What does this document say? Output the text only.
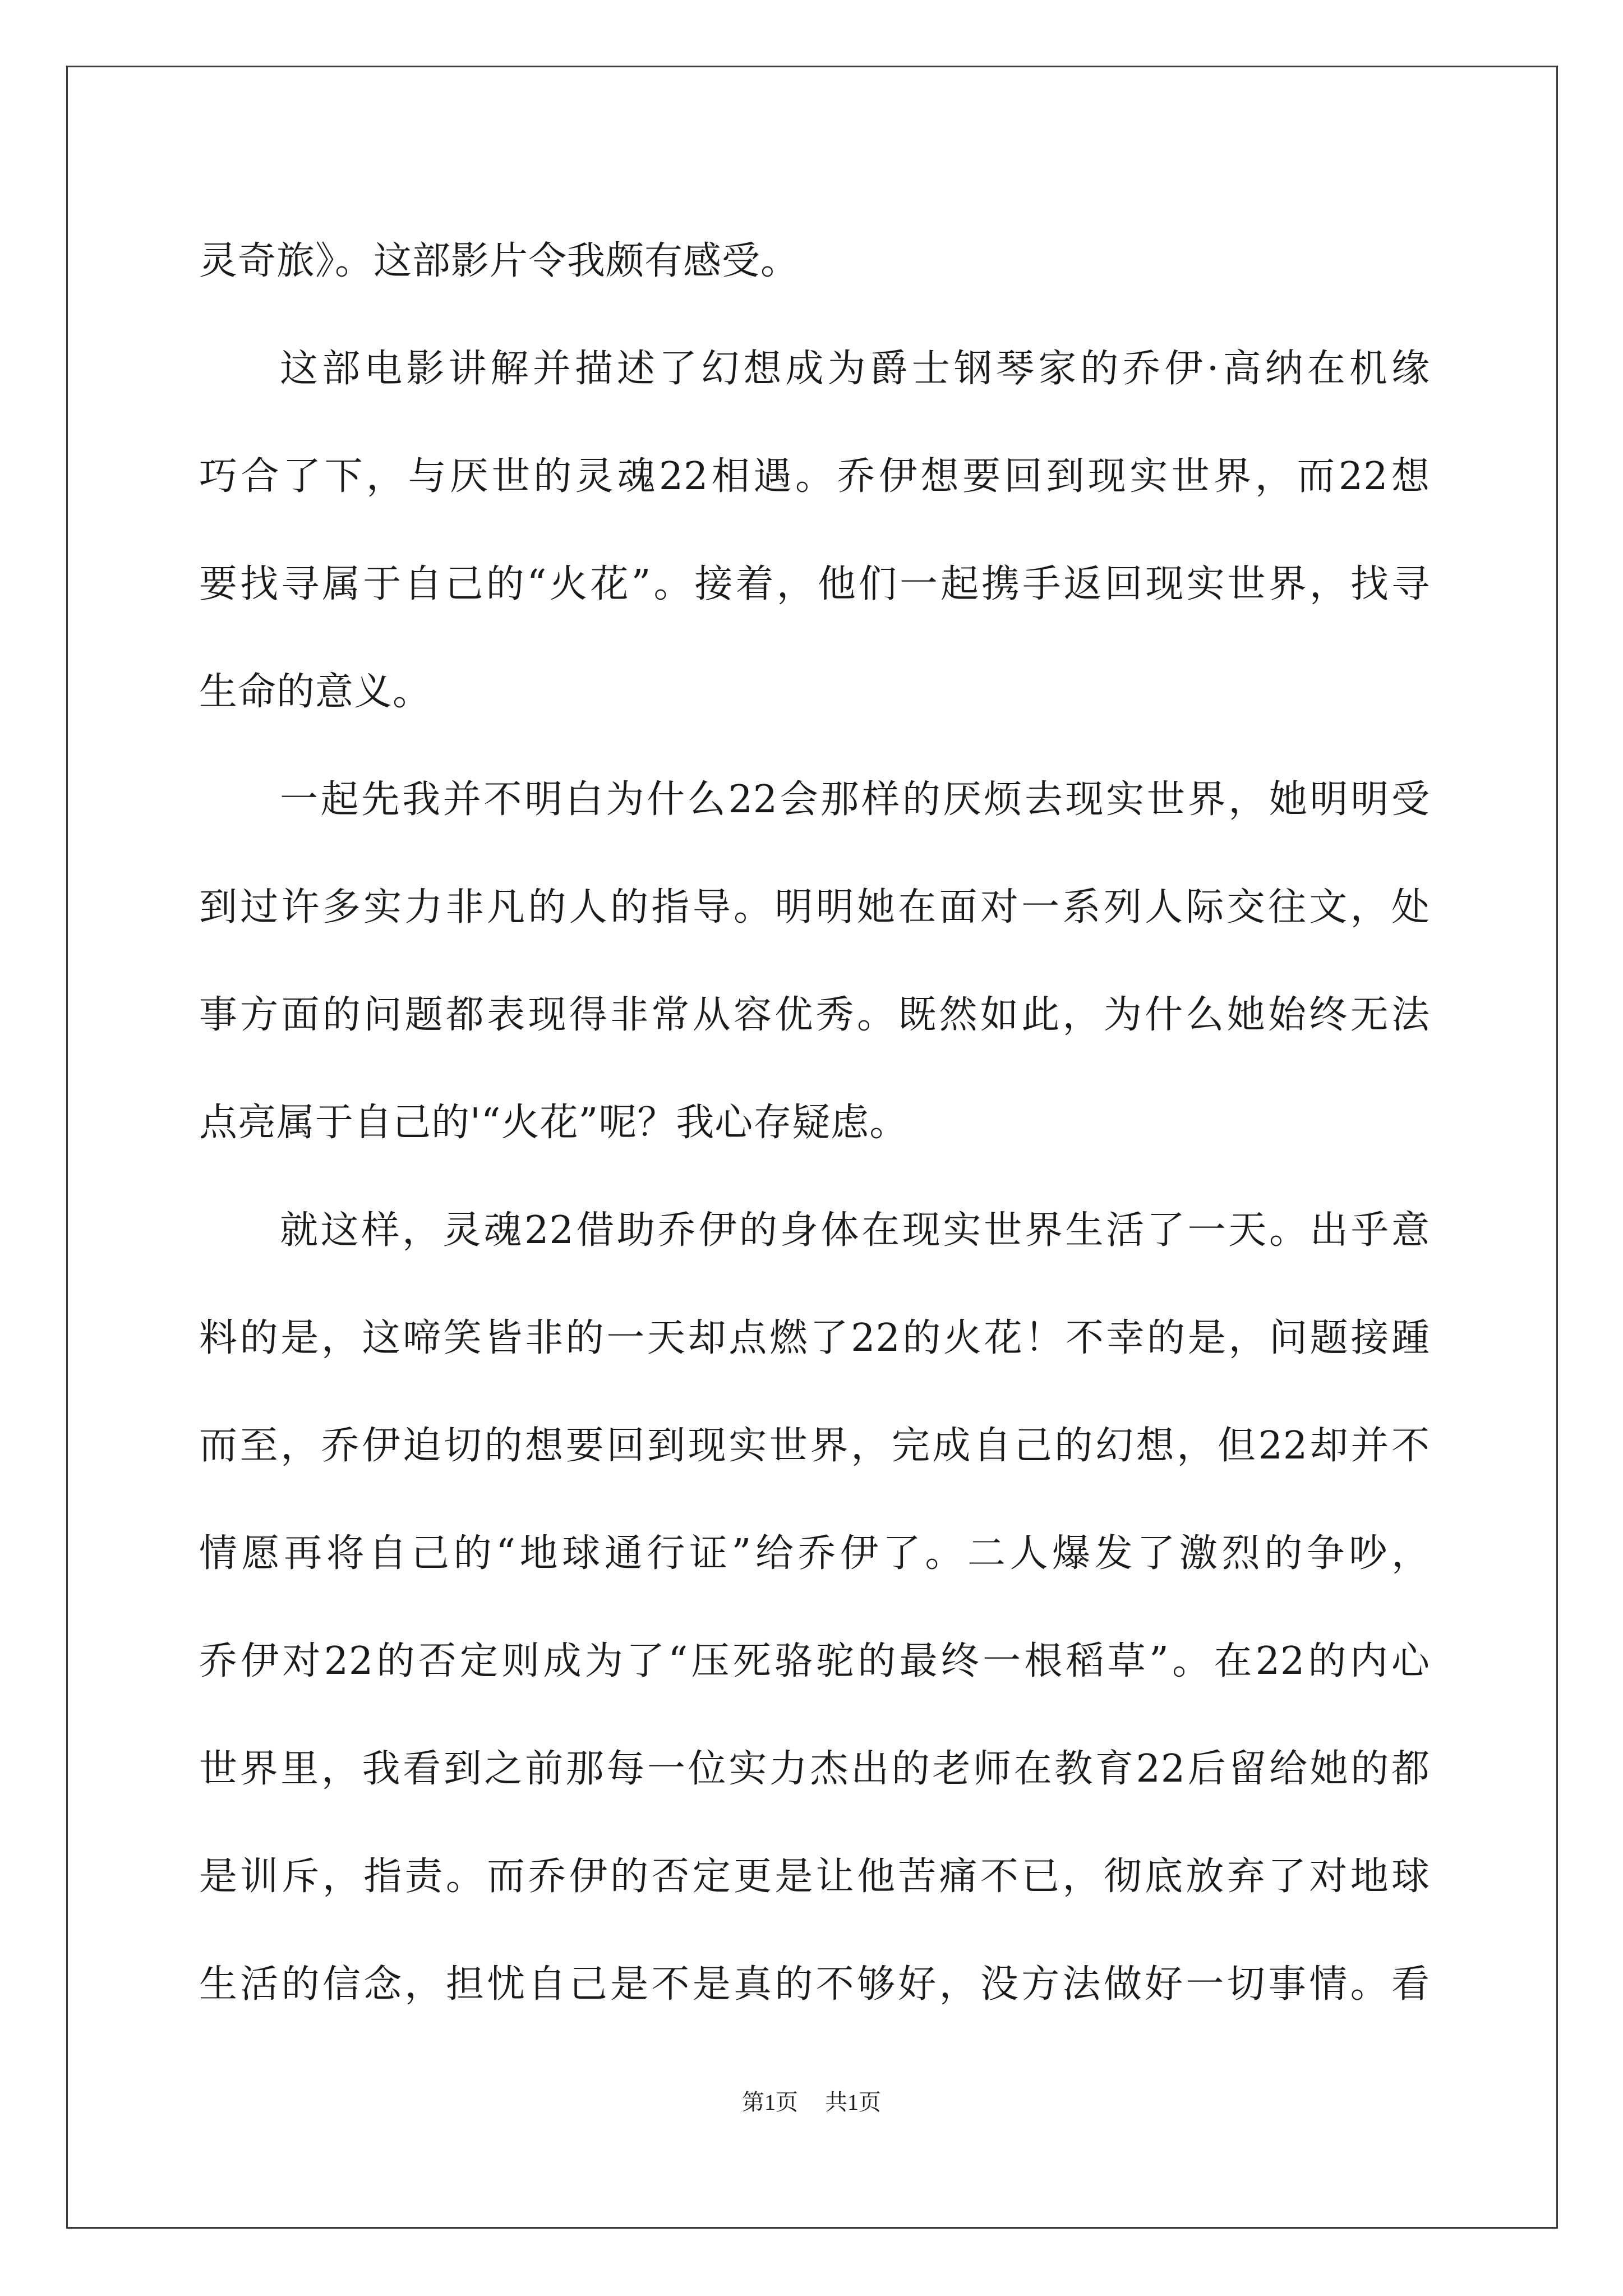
灵奇旅》。这部影片令我颇有感受。
这部电影讲解并描述了幻想成为爵士钢琴家的乔伊·高纳在机缘
巧合了下，与厌世的灵魂22相遇。乔伊想要回到现实世界，而22想
要找寻属于自己的“火花”。接着，他们一起携手返回现实世界，找寻
生命的意义。
一起先我并不明白为什么22会那样的厌烦去现实世界，她明明受
到过许多实力非凡的人的指导。明明她在面对一系列人际交往文，处
事方面的问题都表现得非常从容优秀。既然如此，为什么她始终无法
点亮属于自己的'“火花”呢？我心存疑虑。
就这样，灵魂22借助乔伊的身体在现实世界生活了一天。出乎意
料的是，这啼笑皆非的一天却点燃了22的火花！不幸的是，问题接踵
而至，乔伊迫切的想要回到现实世界，完成自己的幻想，但22却并不
情愿再将自己的“地球通行证”给乔伊了。二人爆发了激烈的争吵，
乔伊对22的否定则成为了“压死骆驼的最终一根稻草”。在22的内心
世界里，我看到之前那每一位实力杰出的老师在教育22后留给她的都
是训斥，指责。而乔伊的否定更是让他苦痛不已，彻底放弃了对地球
生活的信念，担忧自己是不是真的不够好，没方法做好一切事情。看
第1页 共1页
